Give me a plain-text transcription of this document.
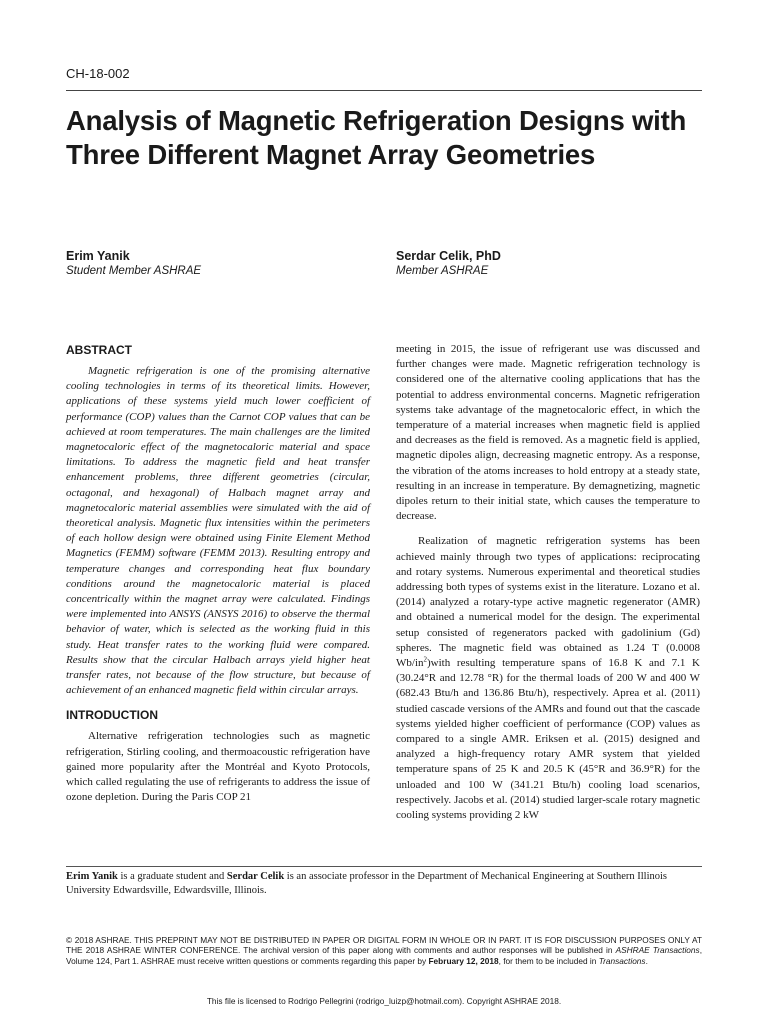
CH-18-002
Analysis of Magnetic Refrigeration Designs with Three Different Magnet Array Geometries
Erim Yanik
Student Member ASHRAE
Serdar Celik, PhD
Member ASHRAE
ABSTRACT

Magnetic refrigeration is one of the promising alternative cooling technologies in terms of its theoretical limits. However, applications of these systems yield much lower coefficient of performance (COP) values than the Carnot COP values that can be achieved at room temperatures. The main challenges are the limited magnetocaloric effect of the magnetocaloric material and space limitations. To address the magnetic field and heat transfer enhancement problems, three different geometries (circular, octagonal, and hexagonal) of Halbach magnet array and magnetocaloric material assemblies were simulated with the aid of theoretical analysis. Magnetic flux intensities within the perimeters of each hollow design were obtained using Finite Element Method Magnetics (FEMM) software (FEMM 2013). Resulting entropy and temperature changes and corresponding heat flux boundary conditions around the magnetocaloric material is placed concentrically within the magnet array were calculated. Findings were implemented into ANSYS (ANSYS 2016) to observe the thermal behavior of water, which is selected as the working fluid in this study. Heat transfer rates to the working fluid were compared. Results show that the circular Halbach arrays yield higher heat transfer rates, not because of the flow structure, but because of achievement of an enhanced magnetic field within circular arrays.

INTRODUCTION

Alternative refrigeration technologies such as magnetic refrigeration, Stirling cooling, and thermoacoustic refrigeration have gained more popularity after the Montréal and Kyoto Protocols, which called regulating the use of refrigerants to address the issue of ozone depletion. During the Paris COP 21

meeting in 2015, the issue of refrigerant use was discussed and further changes were made. Magnetic refrigeration technology is considered one of the alternative cooling applications that has the potential to address environmental concerns. Magnetic refrigeration systems take advantage of the magnetocaloric effect, in which the temperature of a material increases when magnetic field is applied and decreases as the field is removed. As a magnetic field is applied, magnetic dipoles align, decreasing magnetic entropy. As a response, the vibration of the atoms increases to hold entropy at a steady state, resulting in an increase in temperature. By demagnetizing, magnetic dipoles return to their initial state, which causes the temperature to decrease.

Realization of magnetic refrigeration systems has been achieved mainly through two types of applications: reciprocating and rotary systems. Numerous experimental and theoretical studies addressing both types of systems exist in the literature. Lozano et al. (2014) analyzed a rotary-type active magnetic regenerator (AMR) and obtained a numerical model for the design. The experimental setup consisted of regenerators packed with gadolinium (Gd) spheres. The magnetic field was obtained as 1.24 T (0.0008 $Wb/in^2)with$ resulting temperature spans of 16.8 K and 7.1 K (30.24°R and 12.78 °R) for the thermal loads of 200 W and 400 W (682.43 Btu/h and 136.86 Btu/h), respectively. Aprea et al. (2011) studied cascade versions of the AMRs and found out that the cascade systems yielded higher coefficient of performance (COP) values as compared to a single AMR. Eriksen et al. (2015) designed and analyzed a high-frequency rotary AMR system that yielded temperature spans of 25 K and 20.5 K (45°R and 36.9°R) for the unloaded and 100 W (341.21 Btu/h) cooling load scenarios, respectively. Jacobs et al. (2014) studied larger-scale rotary magnetic cooling systems providing 2 kW

Erim Yanik is a graduate student and Serdar Celik is an associate professor in the Department of Mechanical Engineering at Southern Illinois University Edwardsville, Edwardsville, Illinois.
© 2018 ASHRAE. THIS PREPRINT MAY NOT BE DISTRIBUTED IN PAPER OR DIGITAL FORM IN WHOLE OR IN PART. IT IS FOR DISCUSSION PURPOSES ONLY AT THE 2018 ASHRAE WINTER CONFERENCE. The archival version of this paper along with comments and author responses will be published in ASHRAE Transactions, Volume 124, Part 1. ASHRAE must receive written questions or comments regarding this paper by February 12, 2018, for them to be included in Transactions.
This file is licensed to Rodrigo Pellegrini (rodrigo_luizp@hotmail.com). Copyright ASHRAE 2018.
